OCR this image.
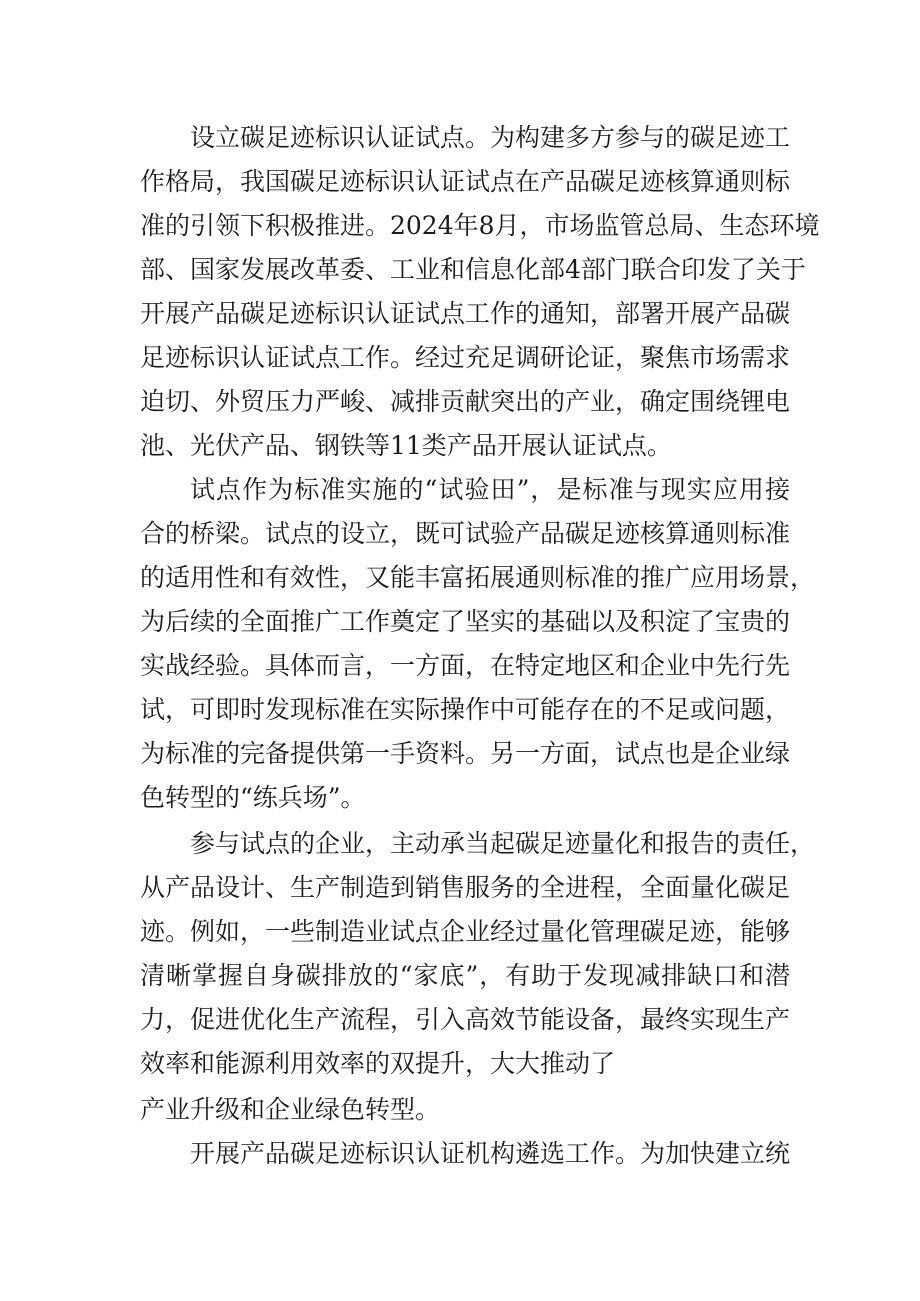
设立碳足迹标识认证试点。为构建多方参与的碳足迹工

作格局，我国碳足迹标识认证试点在产品碳足迹核算通则标

准的引领下积极推进。2024年8月，市场监管总局、生态环境

部、国家发展改革委、工业和信息化部4部门联合印发了关于

开展产品碳足迹标识认证试点工作的通知，部署开展产品碳

足迹标识认证试点工作。经过充足调研论证，聚焦市场需求

迫切、外贸压力严峻、减排贡献突出的产业，确定围绕锂电

池、光伏产品、钢铁等11类产品开展认证试点。

试点作为标准实施的“试验田”，是标准与现实应用接

合的桥梁。试点的设立，既可试验产品碳足迹核算通则标准

的适用性和有效性，又能丰富拓展通则标准的推广应用场景，

为后续的全面推广工作奠定了坚实的基础以及积淀了宝贵的

实战经验。具体而言，一方面，在特定地区和企业中先行先

试，可即时发现标准在实际操作中可能存在的不足或问题，

为标准的完备提供第一手资料。另一方面，试点也是企业绿

色转型的“练兵场”。

参与试点的企业，主动承当起碳足迹量化和报告的责任，

从产品设计、生产制造到销售服务的全进程，全面量化碳足

迹。例如，一些制造业试点企业经过量化管理碳足迹，能够

清晰掌握自身碳排放的“家底”，有助于发现减排缺口和潜

力，促进优化生产流程，引入高效节能设备，最终实现生产

效率和能源利用效率的双提升，大大推动了

产业升级和企业绿色转型。

开展产品碳足迹标识认证机构遴选工作。为加快建立统
